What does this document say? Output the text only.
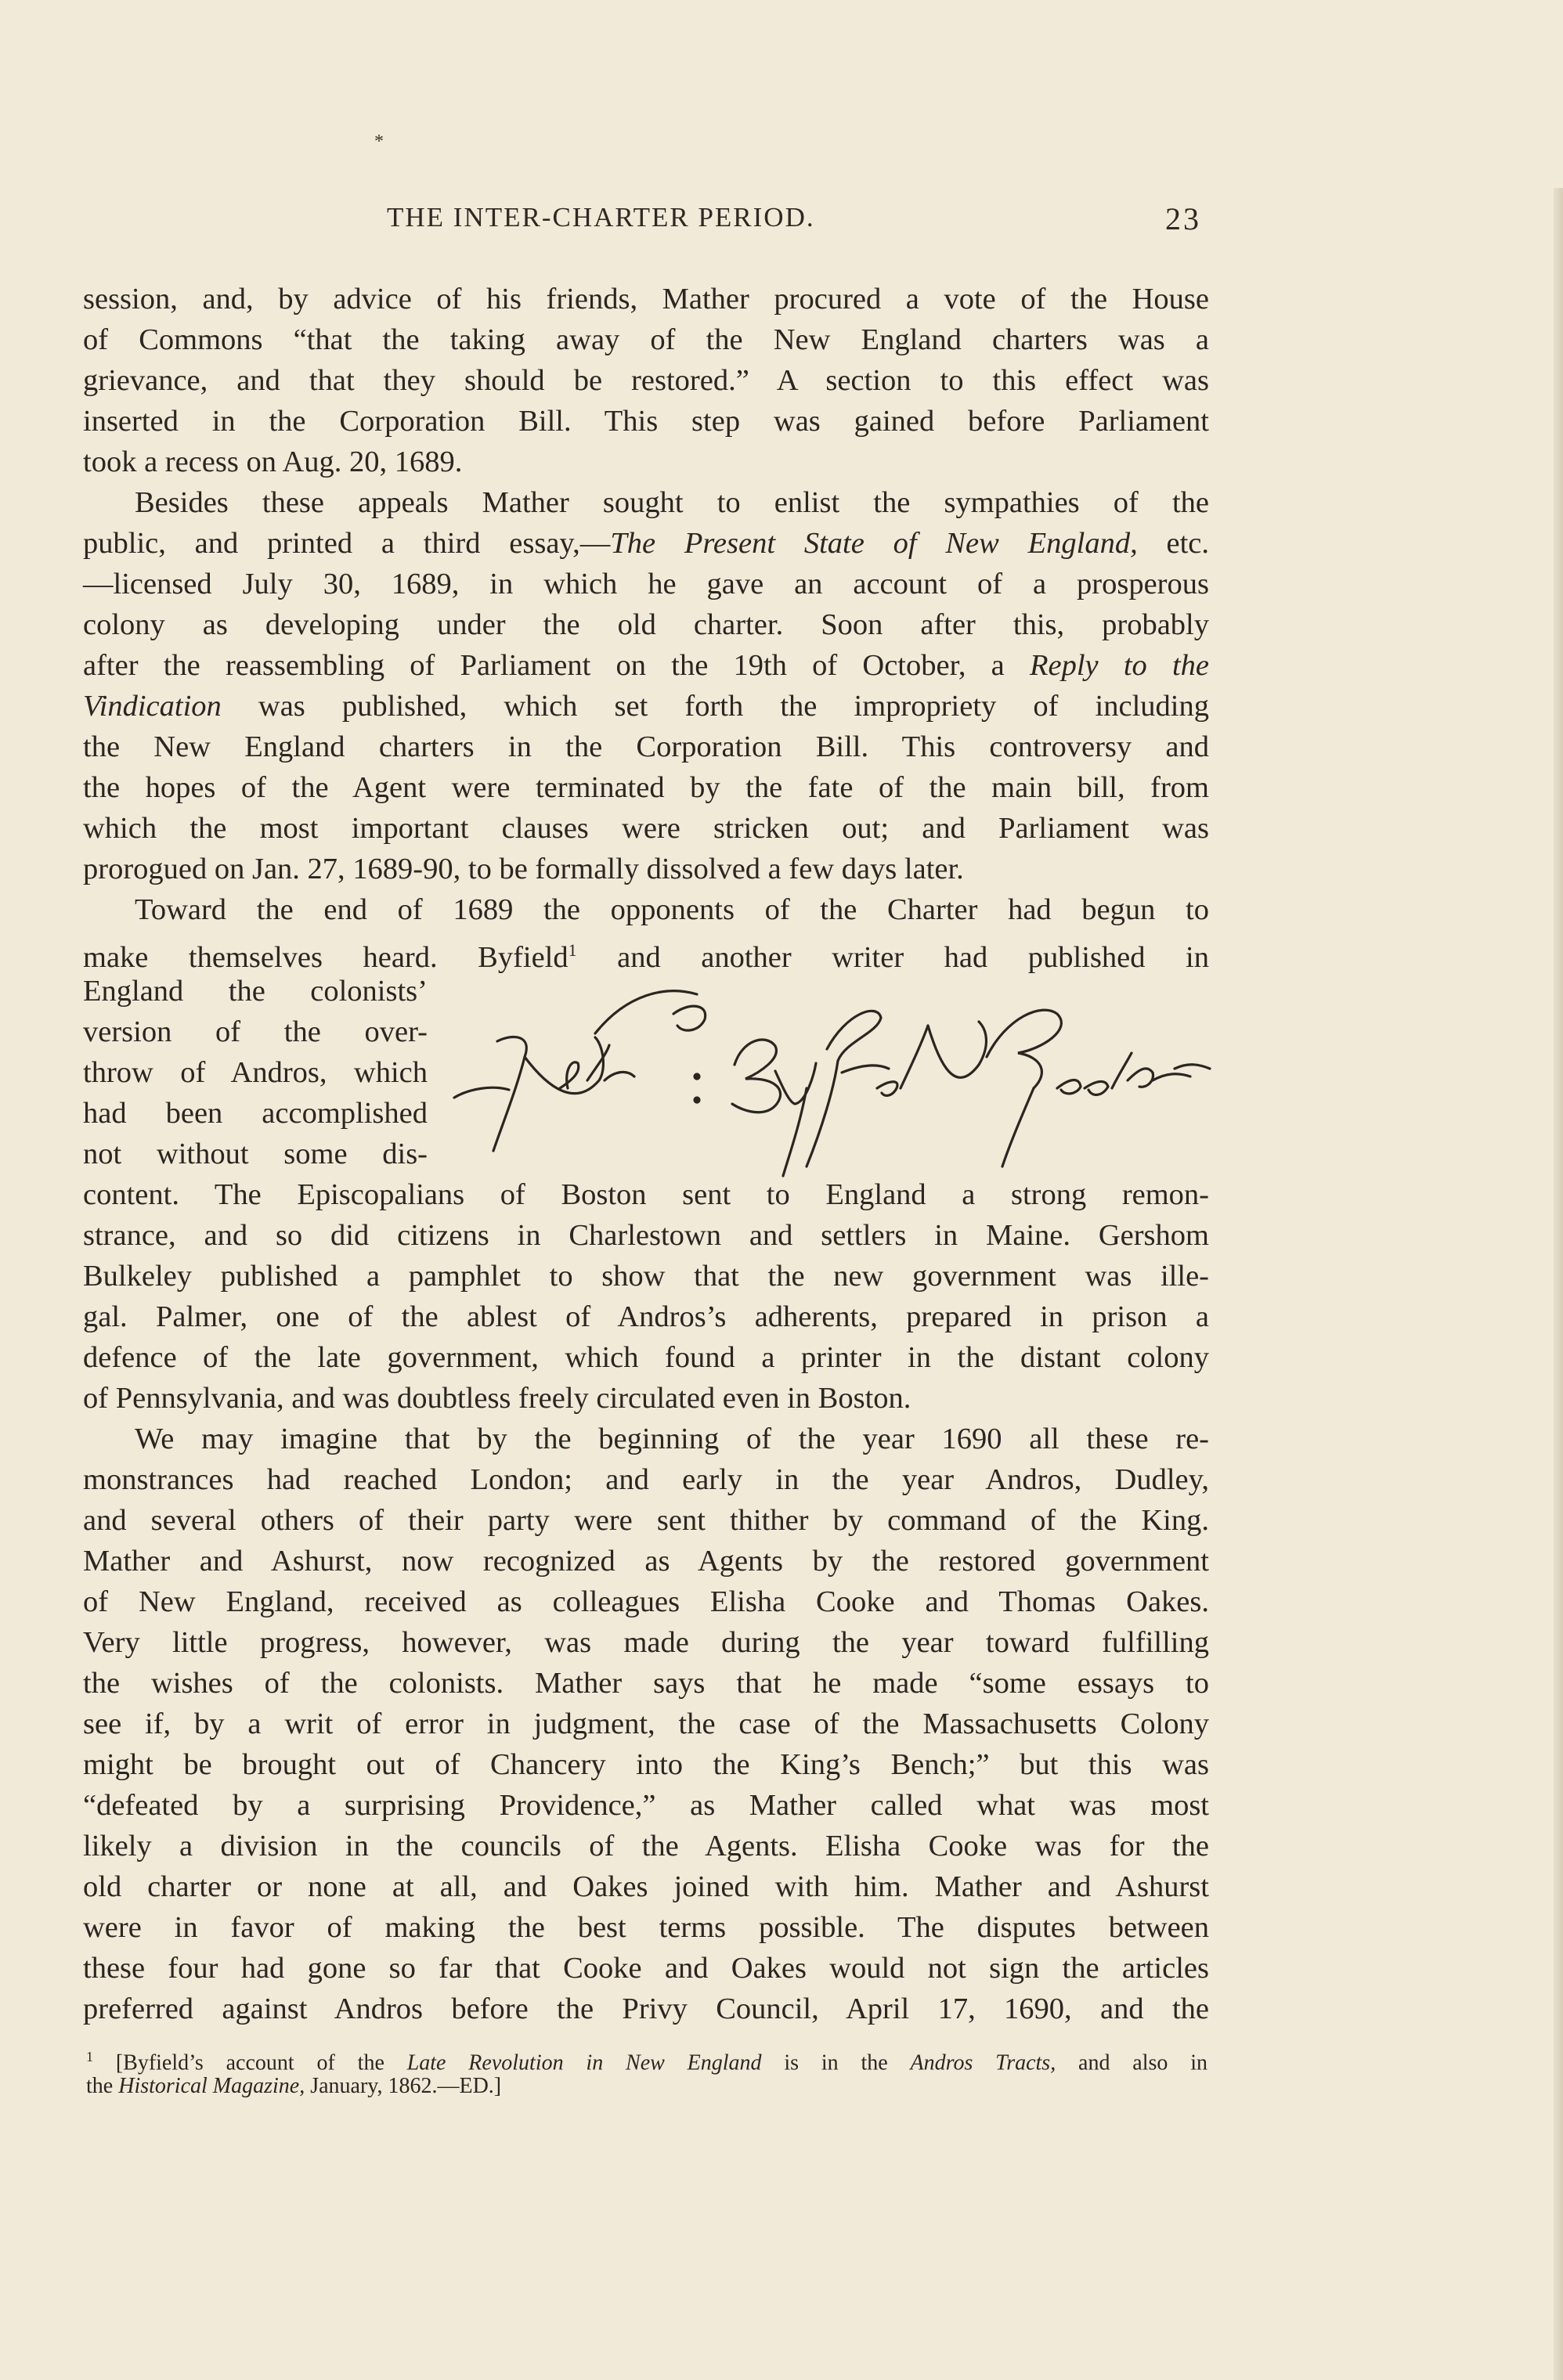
*
THE INTER-CHARTER PERIOD.	23
session, and, by advice of his friends, Mather procured a vote of the House
of Commons “that the taking away of the New England charters was a
grievance, and that they should be restored.” A section to this effect was
inserted in the Corporation Bill. This step was gained before Parliament
took a recess on Aug. 20, 1689.
Besides these appeals Mather sought to enlist the sympathies of the
public, and printed a third essay,—The Present State of New England, etc.
—licensed July 30, 1689, in which he gave an account of a prosperous
colony as developing under the old charter. Soon after this, probably
after the reassembling of Parliament on the 19th of October, a Reply to the
Vindication was published, which set forth the impropriety of including
the New England charters in the Corporation Bill. This controversy and
the hopes of the Agent were terminated by the fate of the main bill, from
which the most important clauses were stricken out; and Parliament was
prorogued on Jan. 27, 1689-90, to be formally dissolved a few days later.
Toward the end of 1689 the opponents of the Charter had begun to
make themselves heard. Byfield$^1$ and another writer had published in
England the colonists’
version of the over-
throw of Andros, which
had been accomplished
not without some dis-
content. The Episcopalians of Boston sent to England a strong remon-
strance, and so did citizens in Charlestown and settlers in Maine. Gershom
Bulkeley published a pamphlet to show that the new government was ille-
gal. Palmer, one of the ablest of Andros’s adherents, prepared in prison a
defence of the late government, which found a printer in the distant colony
of Pennsylvania, and was doubtless freely circulated even in Boston.
We may imagine that by the beginning of the year 1690 all these re-
monstrances had reached London; and early in the year Andros, Dudley,
and several others of their party were sent thither by command of the King.
Mather and Ashurst, now recognized as Agents by the restored government
of New England, received as colleagues Elisha Cooke and Thomas Oakes.
Very little progress, however, was made during the year toward fulfilling
the wishes of the colonists. Mather says that he made “some essays to
see if, by a writ of error in judgment, the case of the Massachusetts Colony
might be brought out of Chancery into the King’s Bench;” but this was
“defeated by a surprising Providence,” as Mather called what was most
likely a division in the councils of the Agents. Elisha Cooke was for the
old charter or none at all, and Oakes joined with him. Mather and Ashurst
were in favor of making the best terms possible. The disputes between
these four had gone so far that Cooke and Oakes would not sign the articles
preferred against Andros before the Privy Council, April 17, 1690, and the
$^1$ [Byfield’s account of the Late Revolution in New England is in the Andros Tracts, and also in
the Historical Magazine, January, 1862.—ED.]
